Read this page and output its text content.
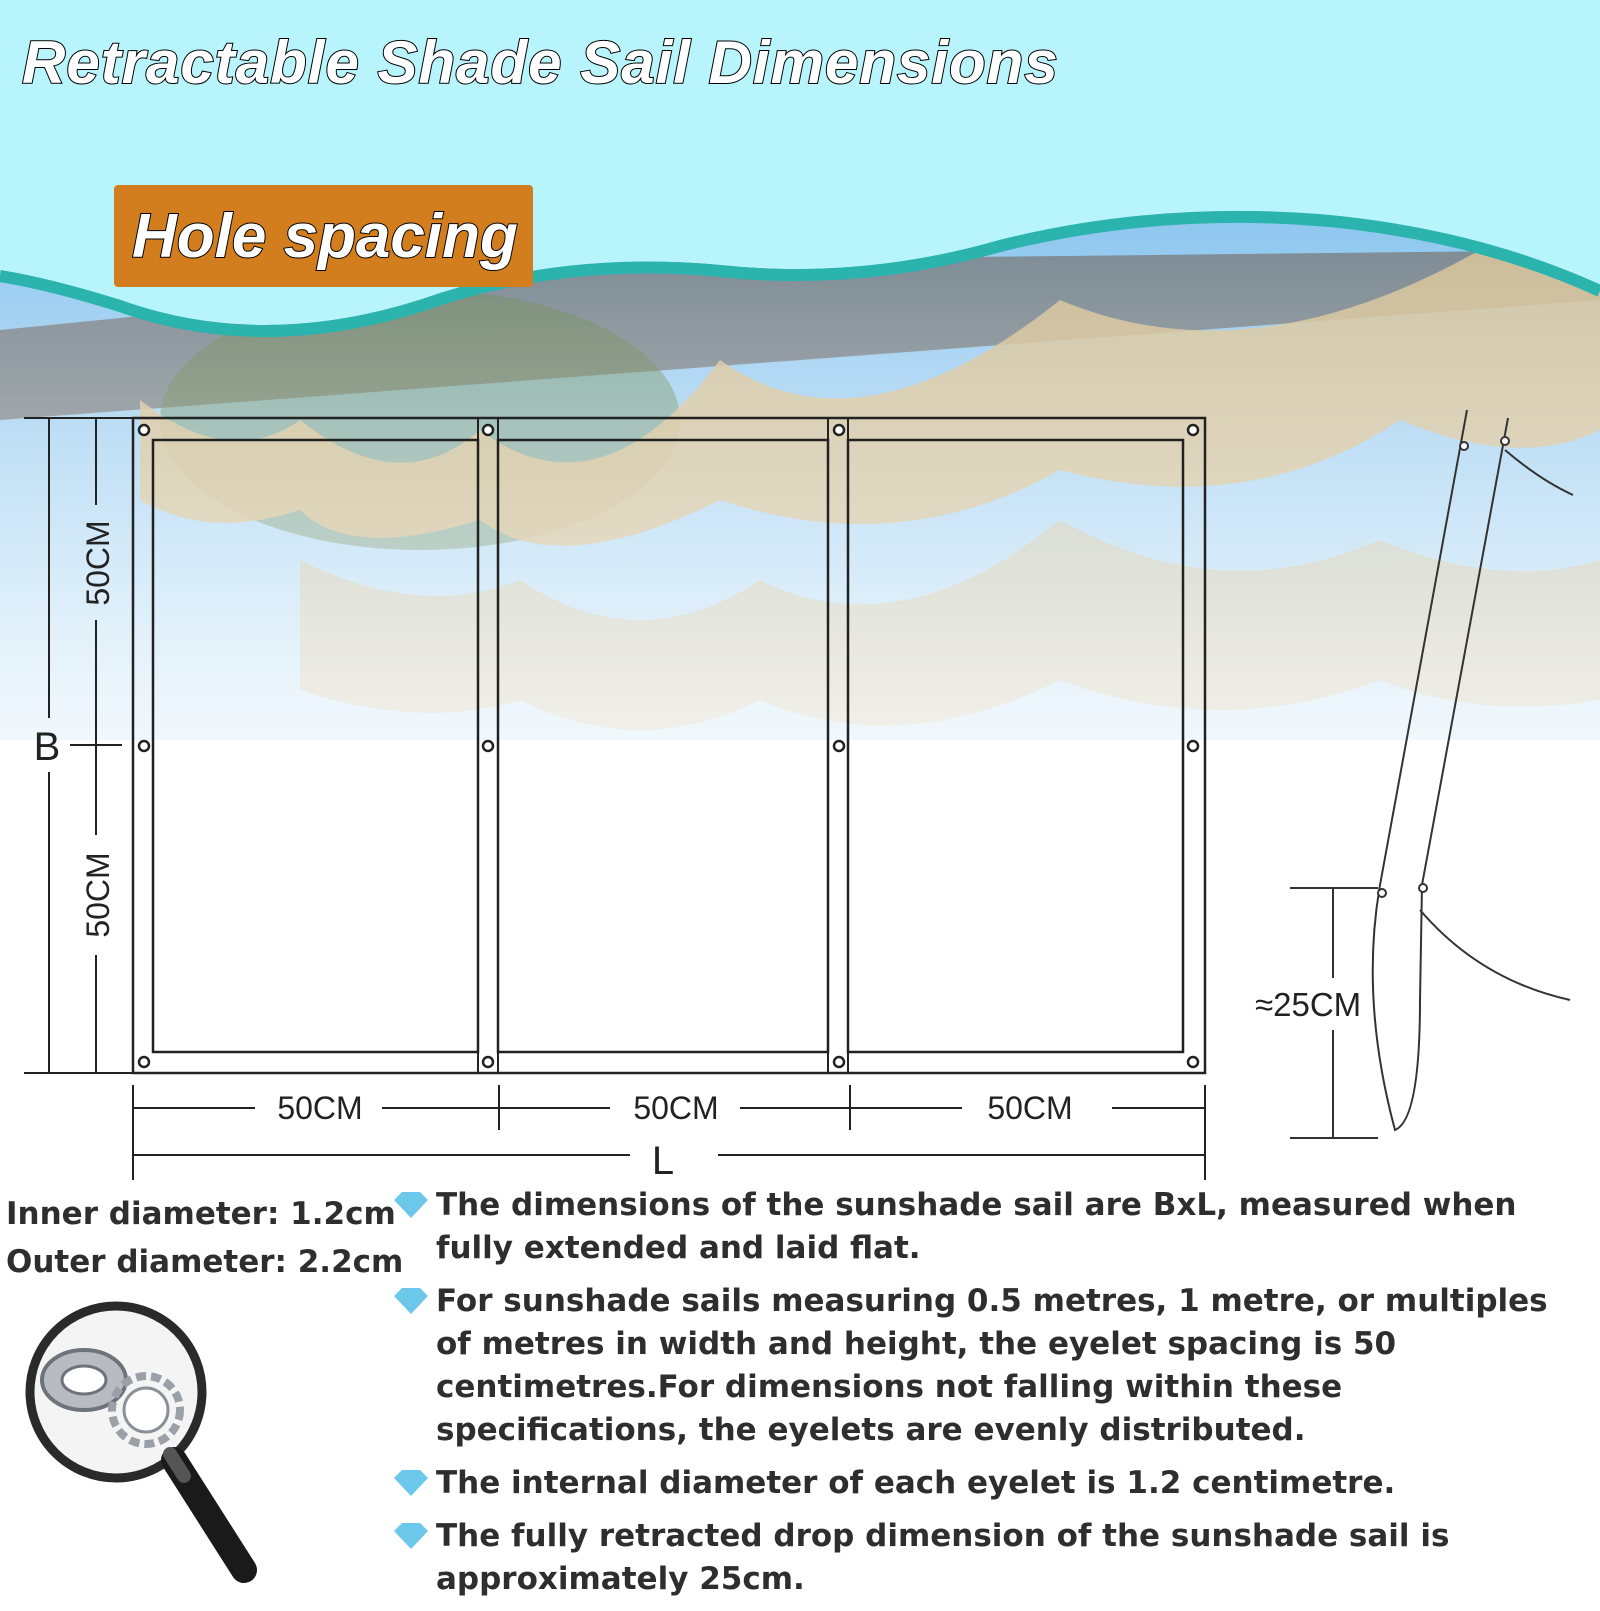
B
50CM
50CM
50CM	50CM	50CM
L
≈25CM
Retractable Shade Sail Dimensions
Hole spacing
Inner diameter: 1.2cm
Outer diameter: 2.2cm
The dimensions of the sunshade sail are BxL, measured when fully extended and laid flat.
For sunshade sails measuring 0.5 metres, 1 metre, or multiples of metres in width and height, the eyelet spacing is 50 centimetres.For dimensions not falling within these specifications, the eyelets are evenly distributed.
The internal diameter of each eyelet is 1.2 centimetre.
The fully retracted drop dimension of the sunshade sail is approximately 25cm.
